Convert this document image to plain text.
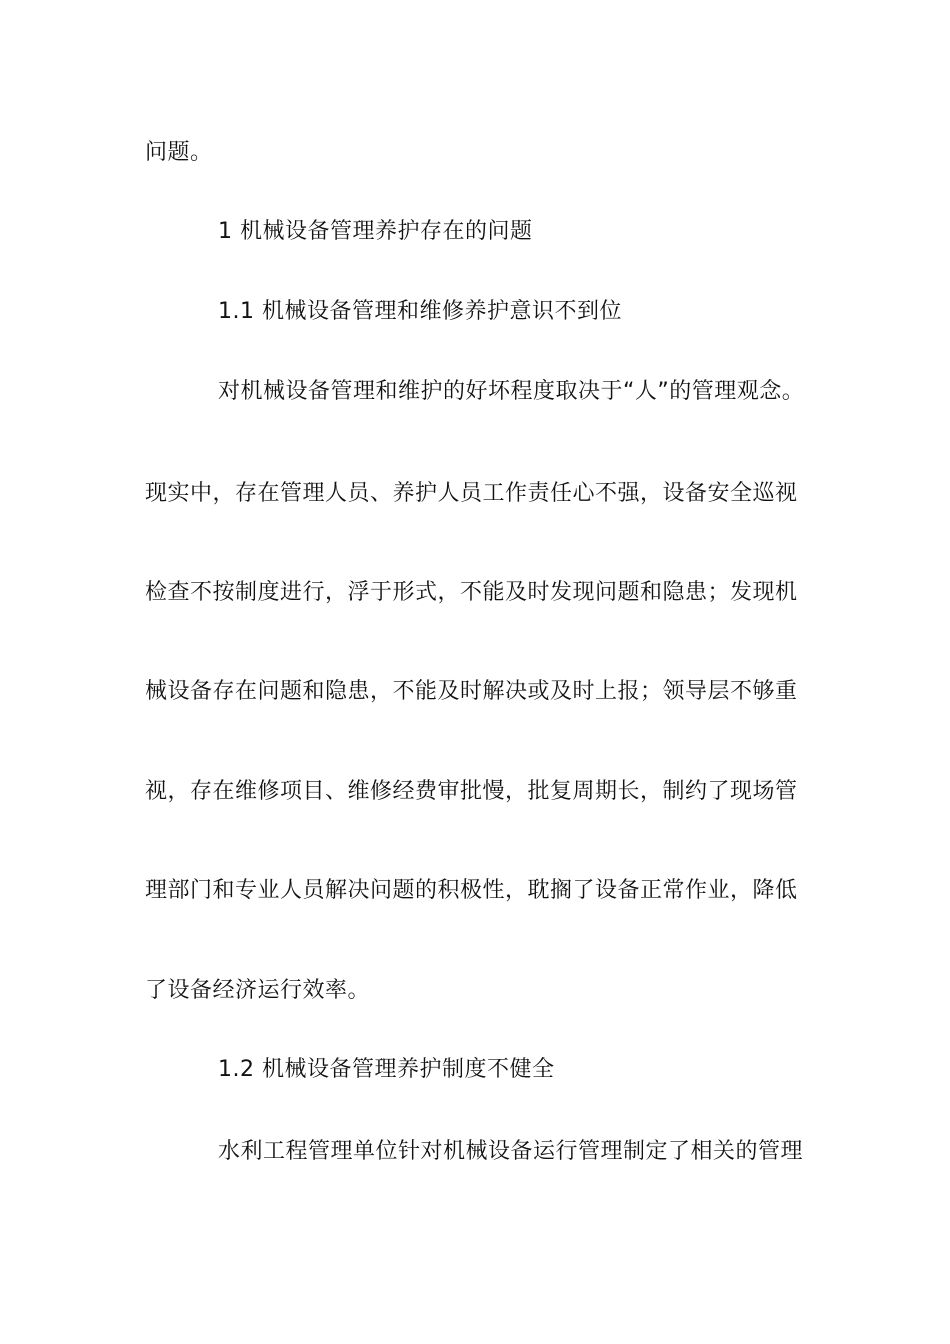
问题。
1 机械设备管理养护存在的问题
1.1 机械设备管理和维修养护意识不到位
对机械设备管理和维护的好坏程度取决于“人”的管理观念。
现实中，存在管理人员、养护人员工作责任心不强，设备安全巡视
检查不按制度进行，浮于形式，不能及时发现问题和隐患；发现机
械设备存在问题和隐患，不能及时解决或及时上报；领导层不够重
视，存在维修项目、维修经费审批慢，批复周期长，制约了现场管
理部门和专业人员解决问题的积极性，耽搁了设备正常作业，降低
了设备经济运行效率。
1.2 机械设备管理养护制度不健全
水利工程管理单位针对机械设备运行管理制定了相关的管理
